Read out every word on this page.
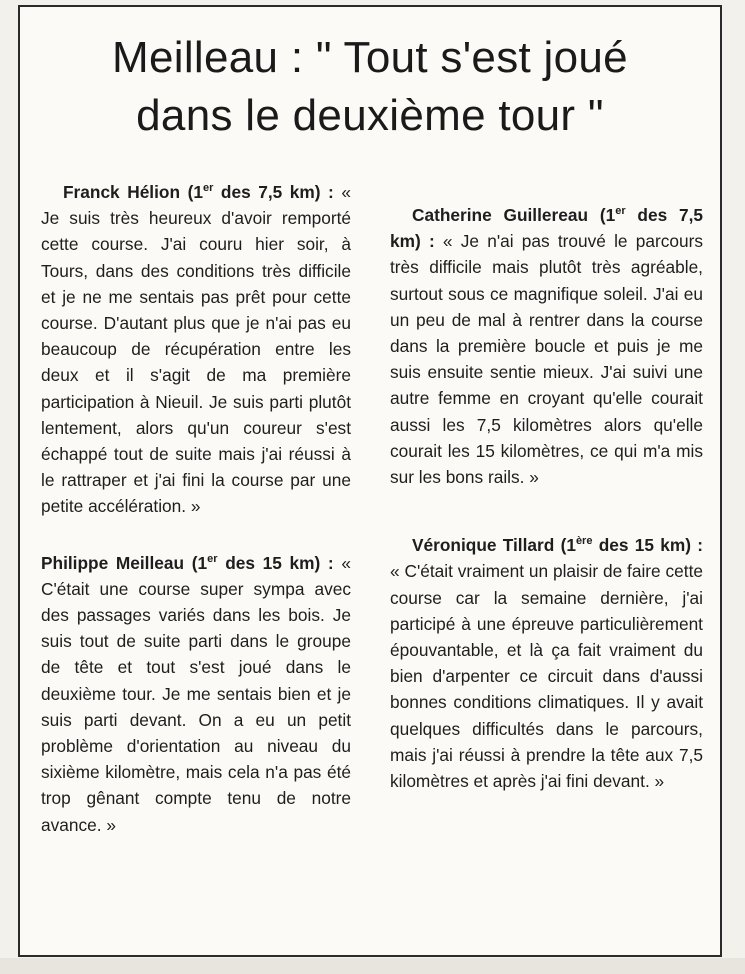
Meilleau : " Tout s'est joué
dans le deuxième tour "

Franck Hélion (1er des 7,5 km) : « Je suis très heureux d'avoir remporté cette course. J'ai couru hier soir, à Tours, dans des conditions très difficile et je ne me sentais pas prêt pour cette course. D'autant plus que je n'ai pas eu beaucoup de récupération entre les deux et il s'agit de ma première participation à Nieuil. Je suis parti plutôt lentement, alors qu'un coureur s'est échappé tout de suite mais j'ai réussi à le rattraper et j'ai fini la course par une petite accélération. »

Philippe Meilleau (1er des 15 km) : « C'était une course super sympa avec des passages variés dans les bois. Je suis tout de suite parti dans le groupe de tête et tout s'est joué dans le deuxième tour. Je me sentais bien et je suis parti devant. On a eu un petit problème d'orientation au niveau du sixième kilomètre, mais cela n'a pas été trop gênant compte tenu de notre avance. »

Catherine Guillereau (1er des 7,5 km) : « Je n'ai pas trouvé le parcours très difficile mais plutôt très agréable, surtout sous ce magnifique soleil. J'ai eu un peu de mal à rentrer dans la course dans la première boucle et puis je me suis ensuite sentie mieux. J'ai suivi une autre femme en croyant qu'elle courait aussi les 7,5 kilomètres alors qu'elle courait les 15 kilomètres, ce qui m'a mis sur les bons rails. »

Véronique Tillard (1ère des 15 km) : « C'était vraiment un plaisir de faire cette course car la semaine dernière, j'ai participé à une épreuve particulièrement épouvantable, et là ça fait vraiment du bien d'arpenter ce circuit dans d'aussi bonnes conditions climatiques. Il y avait quelques difficultés dans le parcours, mais j'ai réussi à prendre la tête aux 7,5 kilomètres et après j'ai fini devant. »
